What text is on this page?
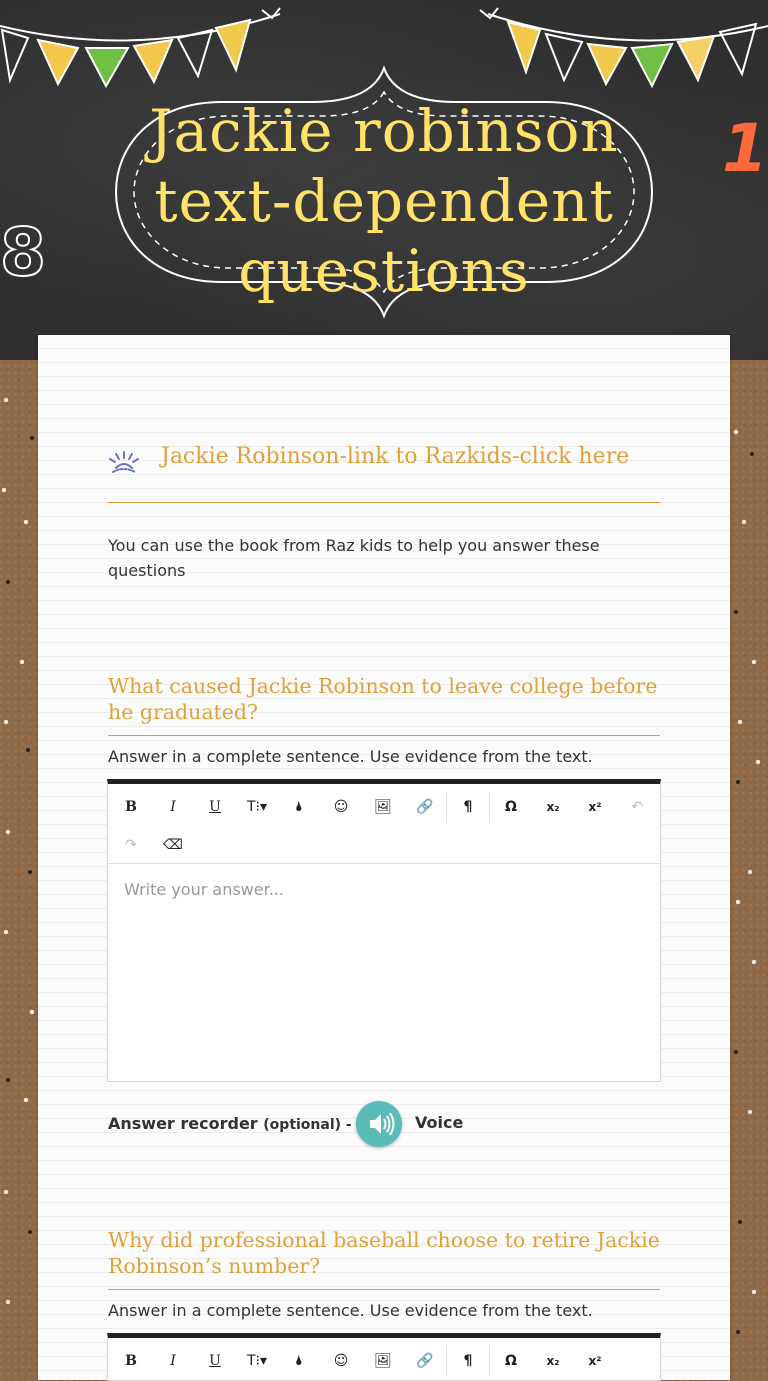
Jackie robinson text-dependent questions
8
1
Jackie Robinson-link to Razkids-click here
You can use the book from Raz kids to help you answer these questions
What caused Jackie Robinson to leave college before he graduated?
Answer in a complete sentence. Use evidence from the text.
B	I	U	T⁝▾	🌢	☺	🖼	🔗	¶	Ω	x₂	x²	↶
↷	⌫
Write your answer...
Answer recorder (optional) -	Voice
Why did professional baseball choose to retire Jackie Robinson’s number?
Answer in a complete sentence. Use evidence from the text.
B	I	U	T⁝▾	🌢	☺	🖼	🔗	¶	Ω	x₂	x²
